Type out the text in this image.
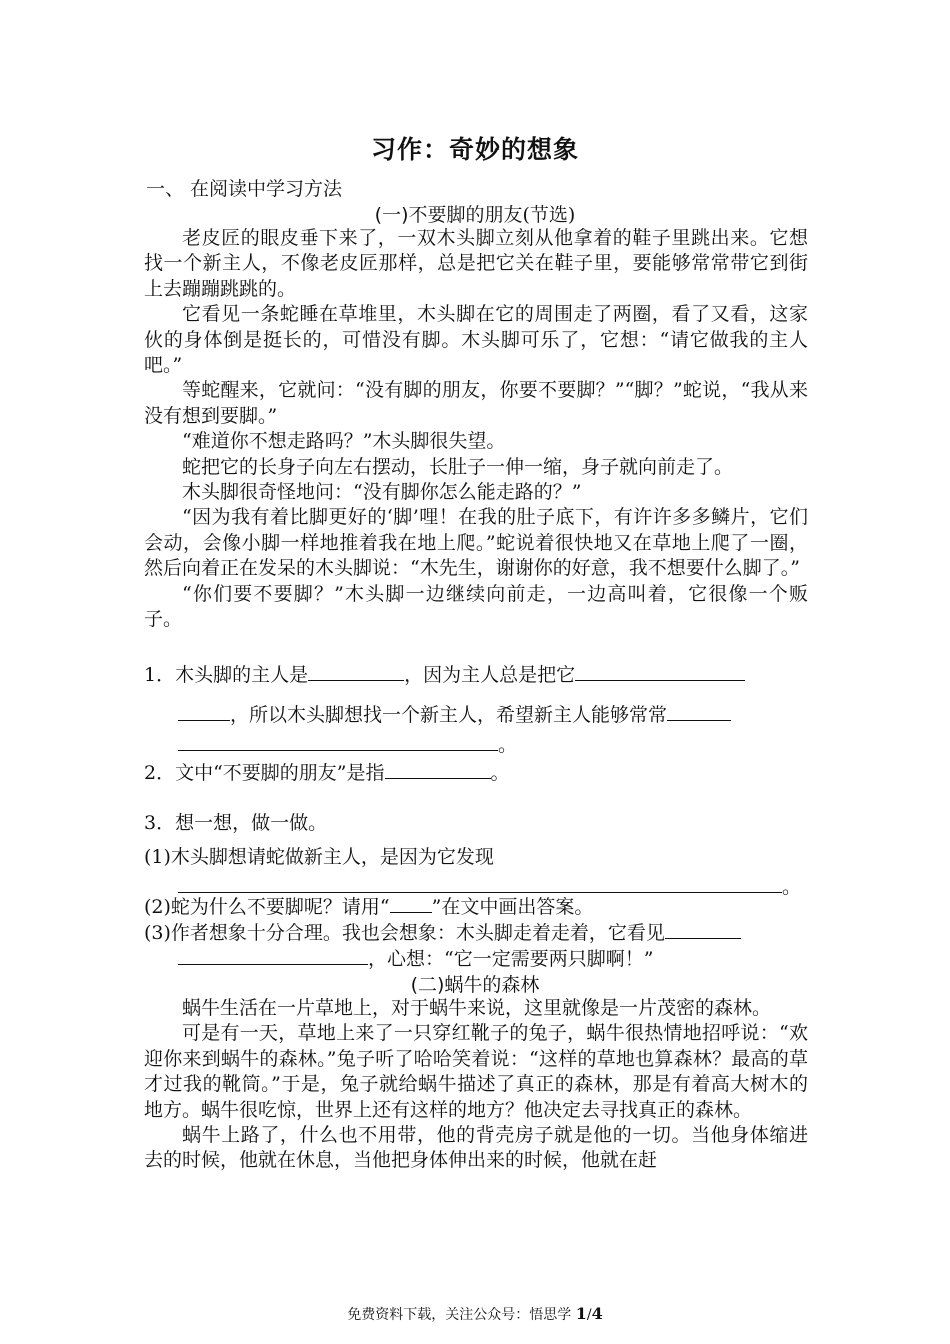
习作：奇妙的想象
一、 在阅读中学习方法
(一)不要脚的朋友(节选)

老皮匠的眼皮垂下来了，一双木头脚立刻从他拿着的鞋子里跳出来。它想找一个新主人，不像老皮匠那样，总是把它关在鞋子里，要能够常常带它到街上去蹦蹦跳跳的。

它看见一条蛇睡在草堆里，木头脚在它的周围走了两圈，看了又看，这家伙的身体倒是挺长的，可惜没有脚。木头脚可乐了，它想：“请它做我的主人吧。”

等蛇醒来，它就问：“没有脚的朋友，你要不要脚？”“脚？”蛇说，“我从来没有想到要脚。”

“难道你不想走路吗？”木头脚很失望。

蛇把它的长身子向左右摆动，长肚子一伸一缩，身子就向前走了。

木头脚很奇怪地问：“没有脚你怎么能走路的？”

“因为我有着比脚更好的‘脚’哩！在我的肚子底下，有许许多多鳞片，它们会动，会像小脚一样地推着我在地上爬。”蛇说着很快地又在草地上爬了一圈，然后向着正在发呆的木头脚说：“木先生，谢谢你的好意，我不想要什么脚了。”

“你们要不要脚？”木头脚一边继续向前走，一边高叫着，它很像一个贩子。

1．木头脚的主人是	，因为主人总是把它
，所以木头脚想找一个新主人，希望新主人能够常常
。
2．文中“不要脚的朋友”是指	。
3．想一想，做一做。
(1)木头脚想请蛇做新主人，是因为它发现
。
(2)蛇为什么不要脚呢？请用“ ”在文中画出答案。
(3)作者想象十分合理。我也会想象：木头脚走着走着，它看见
，心想：“它一定需要两只脚啊！”
(二)蜗牛的森林

蜗牛生活在一片草地上，对于蜗牛来说，这里就像是一片茂密的森林。

可是有一天，草地上来了一只穿红靴子的兔子，蜗牛很热情地招呼说：“欢迎你来到蜗牛的森林。”兔子听了哈哈笑着说：“这样的草地也算森林？最高的草才过我的靴筒。”于是，兔子就给蜗牛描述了真正的森林，那是有着高大树木的地方。蜗牛很吃惊，世界上还有这样的地方？他决定去寻找真正的森林。

蜗牛上路了，什么也不用带，他的背壳房子就是他的一切。当他身体缩进去的时候，他就在休息，当他把身体伸出来的时候，他就在赶

免费资料下载，关注公众号：悟思学 1/4
